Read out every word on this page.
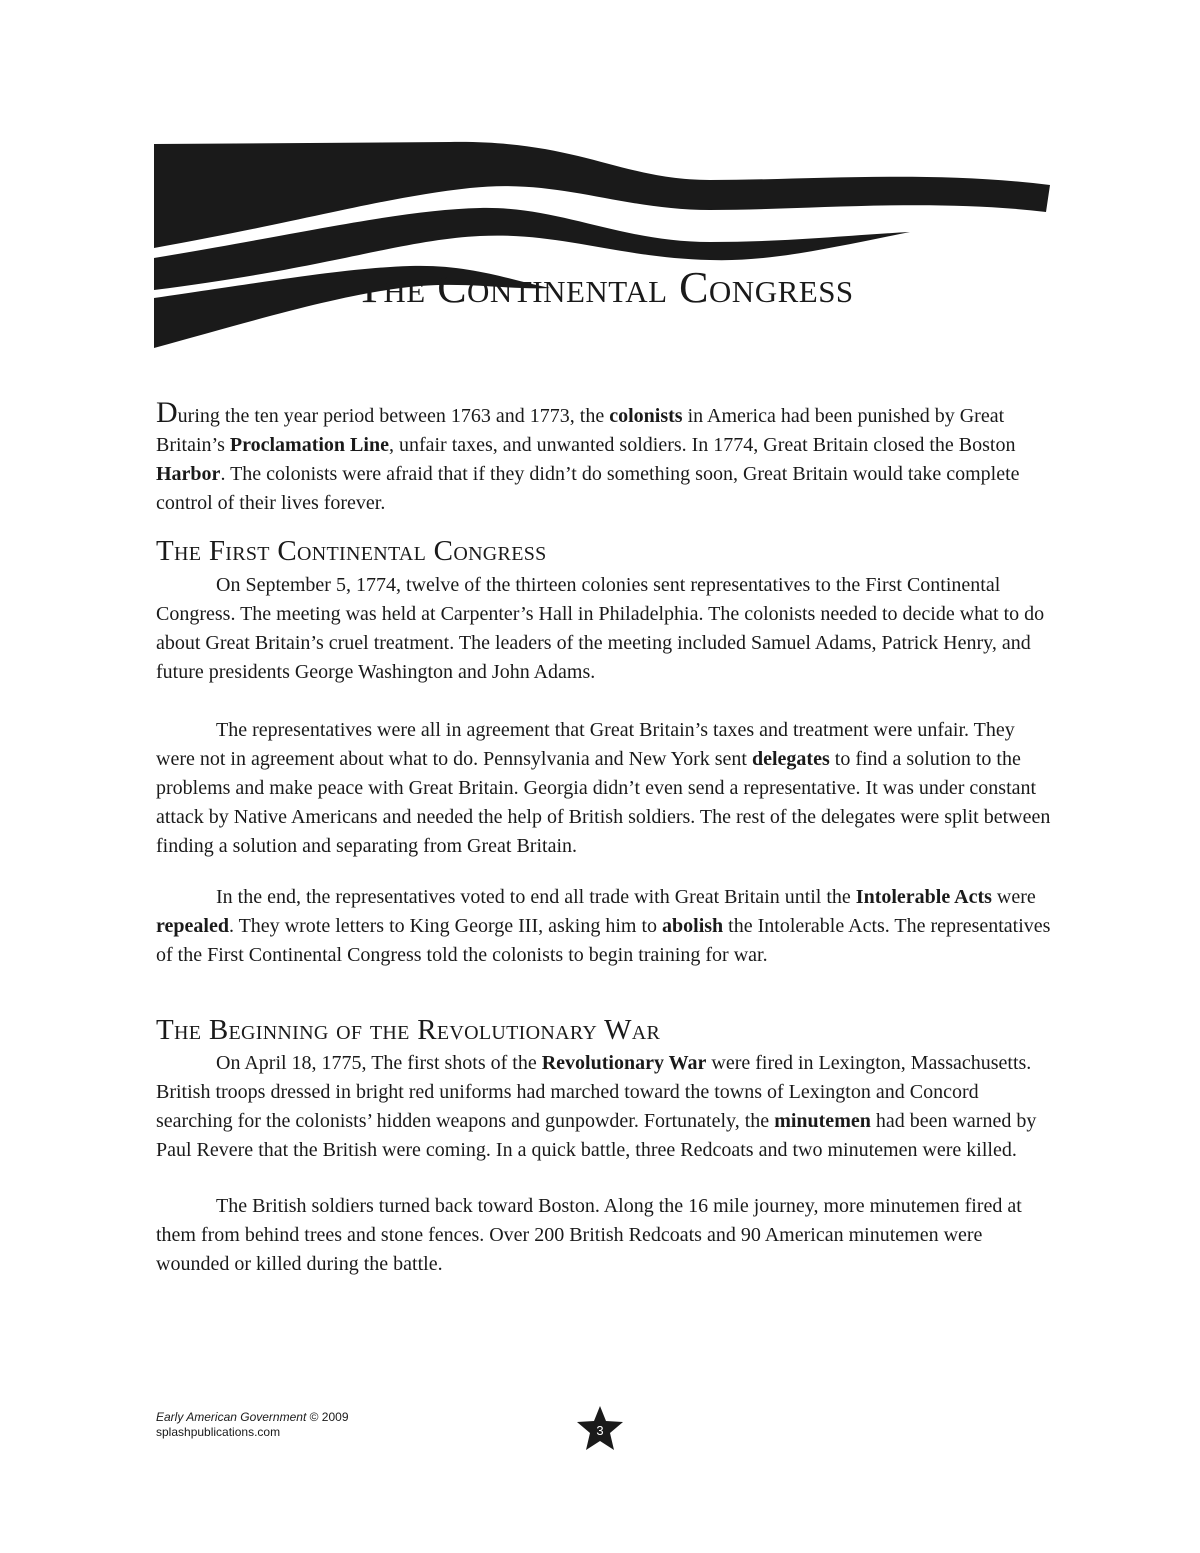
The Continental Congress

During the ten year period between 1763 and 1773, the colonists in America had been punished by Great Britain’s Proclamation Line, unfair taxes, and unwanted soldiers. In 1774, Great Britain closed the Boston Harbor. The colonists were afraid that if they didn’t do something soon, Great Britain would take complete control of their lives forever.

The First Continental Congress

On September 5, 1774, twelve of the thirteen colonies sent representatives to the First Continental Congress. The meeting was held at Carpenter’s Hall in Philadelphia. The colonists needed to decide what to do about Great Britain’s cruel treatment. The leaders of the meeting included Samuel Adams, Patrick Henry, and future presidents George Washington and John Adams.

The representatives were all in agreement that Great Britain’s taxes and treatment were unfair. They were not in agreement about what to do. Pennsylvania and New York sent delegates to find a solution to the problems and make peace with Great Britain. Georgia didn’t even send a representative. It was under constant attack by Native Americans and needed the help of British soldiers. The rest of the delegates were split between finding a solution and separating from Great Britain.

In the end, the representatives voted to end all trade with Great Britain until the Intolerable Acts were repealed. They wrote letters to King George III, asking him to abolish the Intolerable Acts. The representatives of the First Continental Congress told the colonists to begin training for war.

The Beginning of the Revolutionary War

On April 18, 1775, The first shots of the Revolutionary War were fired in Lexington, Massachusetts. British troops dressed in bright red uniforms had marched toward the towns of Lexington and Concord searching for the colonists’ hidden weapons and gunpowder. Fortunately, the minutemen had been warned by Paul Revere that the British were coming. In a quick battle, three Redcoats and two minutemen were killed.

The British soldiers turned back toward Boston. Along the 16 mile journey, more minutemen fired at them from behind trees and stone fences. Over 200 British Redcoats and 90 American minutemen were wounded or killed during the battle.

Early American Government © 2009
splashpublications.com	3
